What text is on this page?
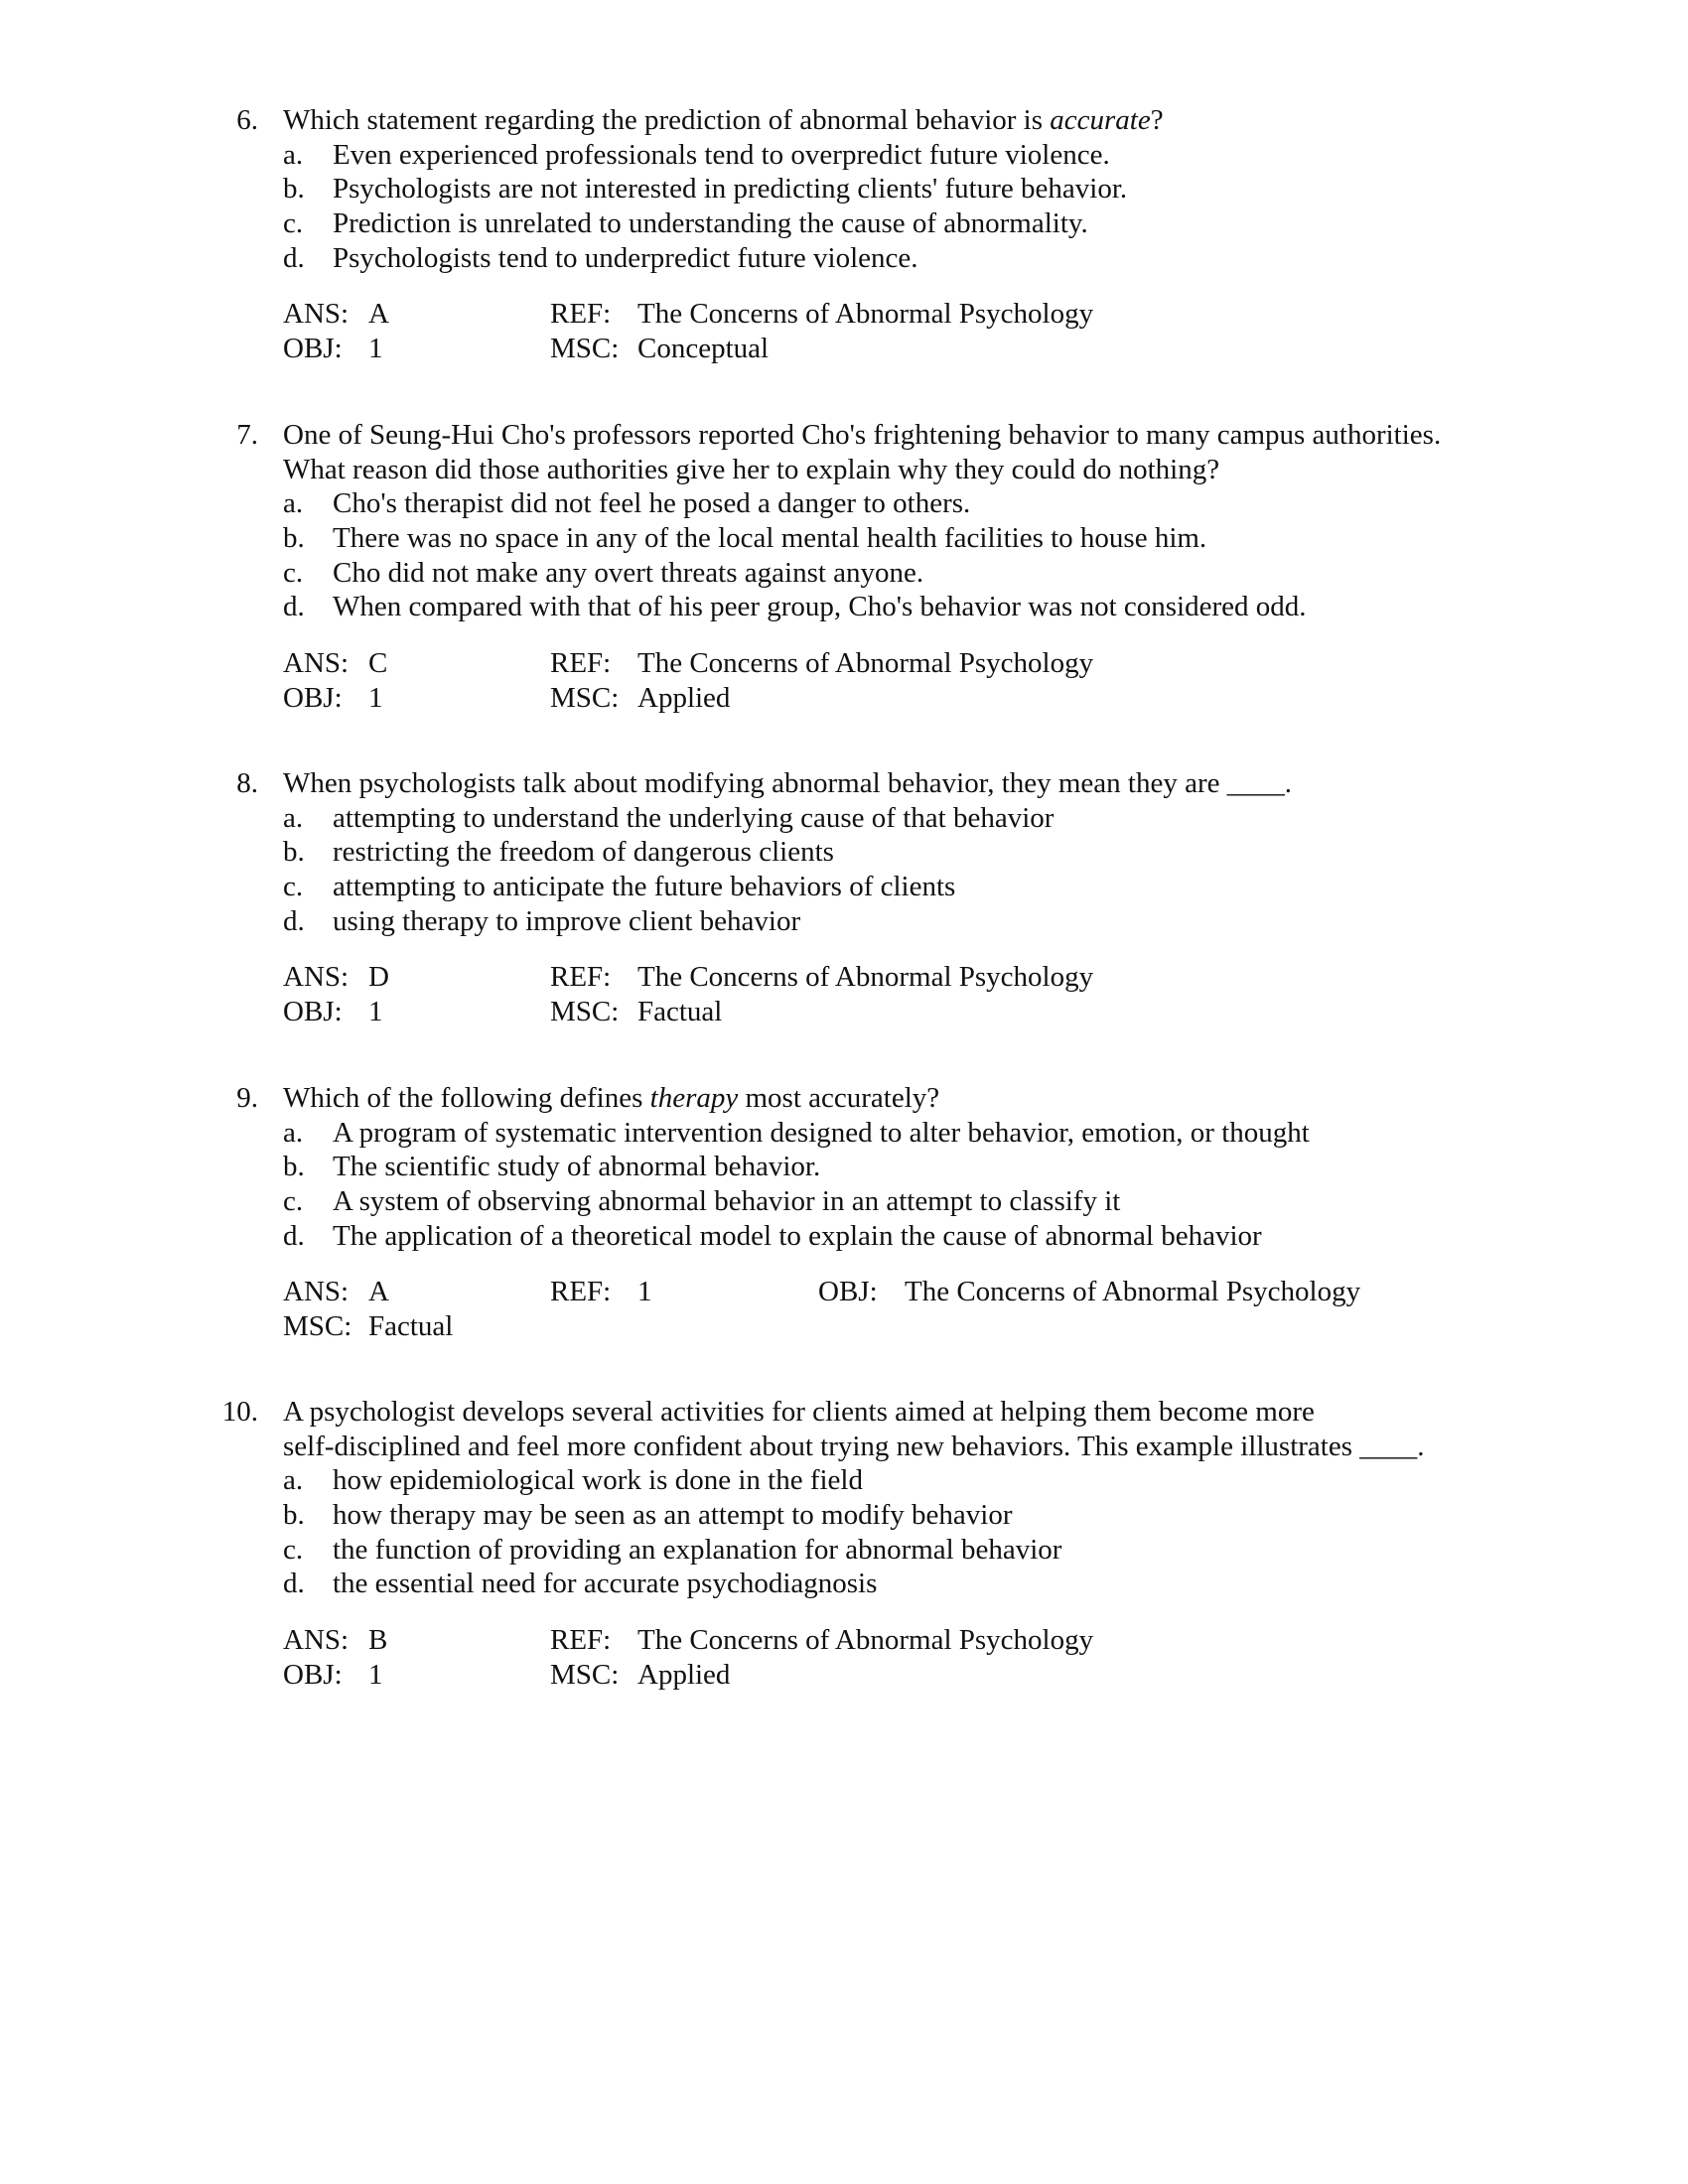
6. Which statement regarding the prediction of abnormal behavior is accurate?
a. Even experienced professionals tend to overpredict future violence.
b. Psychologists are not interested in predicting clients' future behavior.
c. Prediction is unrelated to understanding the cause of abnormality.
d. Psychologists tend to underpredict future violence.
ANS: A	REF: The Concerns of Abnormal Psychology
OBJ: 1	MSC: Conceptual
7. One of Seung-Hui Cho's professors reported Cho's frightening behavior to many campus authorities.
What reason did those authorities give her to explain why they could do nothing?
a. Cho's therapist did not feel he posed a danger to others.
b. There was no space in any of the local mental health facilities to house him.
c. Cho did not make any overt threats against anyone.
d. When compared with that of his peer group, Cho's behavior was not considered odd.
ANS: C	REF: The Concerns of Abnormal Psychology
OBJ: 1	MSC: Applied
8. When psychologists talk about modifying abnormal behavior, they mean they are ____.
a. attempting to understand the underlying cause of that behavior
b. restricting the freedom of dangerous clients
c. attempting to anticipate the future behaviors of clients
d. using therapy to improve client behavior
ANS: D	REF: The Concerns of Abnormal Psychology
OBJ: 1	MSC: Factual
9. Which of the following defines therapy most accurately?
a. A program of systematic intervention designed to alter behavior, emotion, or thought
b. The scientific study of abnormal behavior.
c. A system of observing abnormal behavior in an attempt to classify it
d. The application of a theoretical model to explain the cause of abnormal behavior
ANS: A	REF: 1	OBJ: The Concerns of Abnormal Psychology
MSC: Factual
10. A psychologist develops several activities for clients aimed at helping them become more
self-disciplined and feel more confident about trying new behaviors. This example illustrates ____.
a. how epidemiological work is done in the field
b. how therapy may be seen as an attempt to modify behavior
c. the function of providing an explanation for abnormal behavior
d. the essential need for accurate psychodiagnosis
ANS: B	REF: The Concerns of Abnormal Psychology
OBJ: 1	MSC: Applied
